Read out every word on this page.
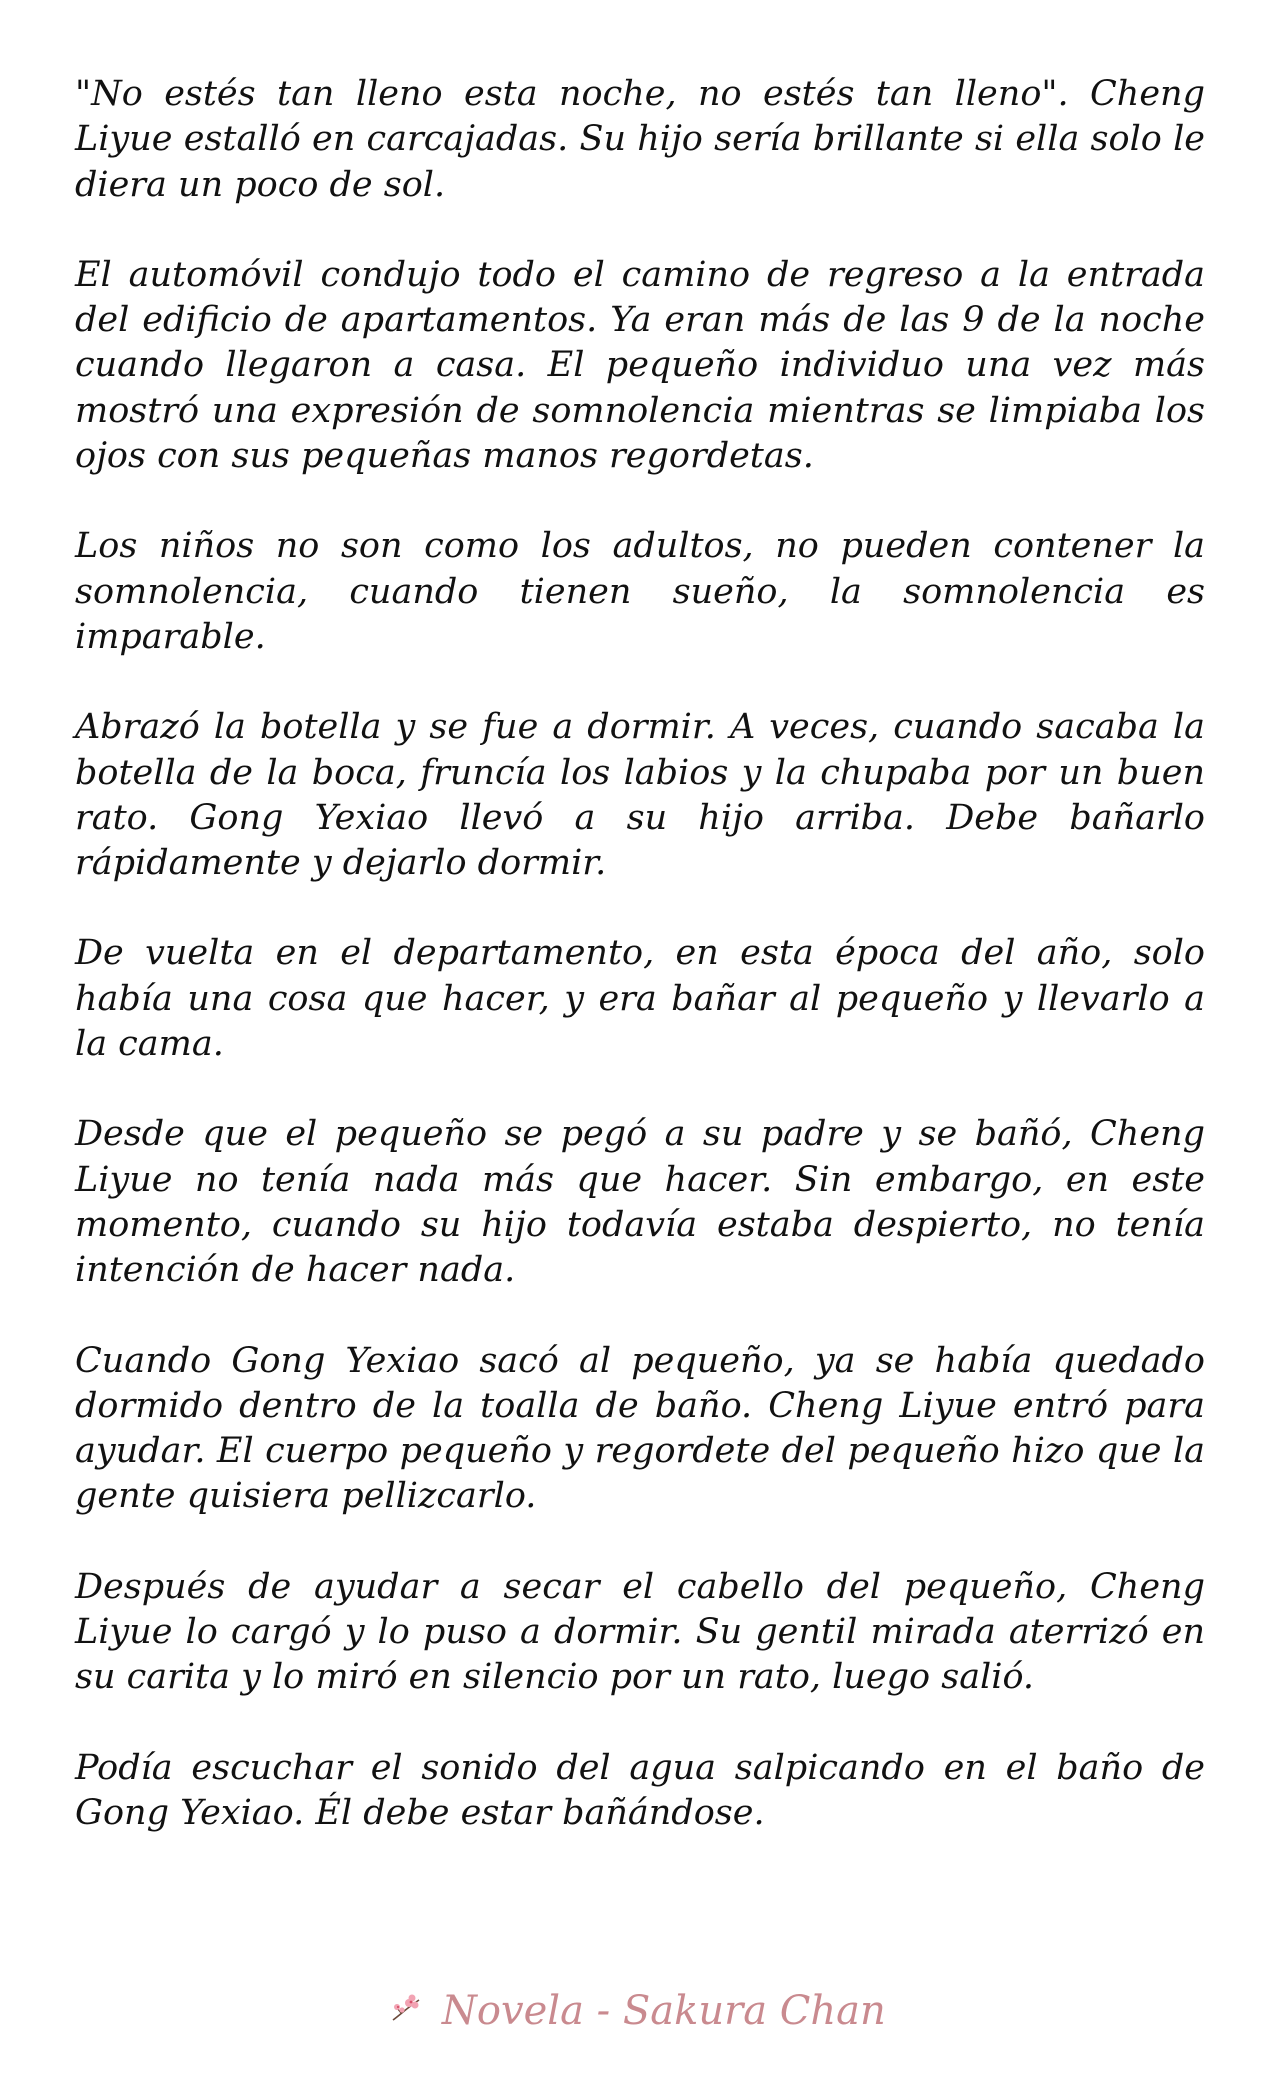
"No estés tan lleno esta noche, no estés tan lleno". Cheng Liyue estalló en carcajadas. Su hijo sería brillante si ella solo le diera un poco de sol.

El automóvil condujo todo el camino de regreso a la entrada del edificio de apartamentos. Ya eran más de las 9 de la noche cuando llegaron a casa. El pequeño individuo una vez más mostró una expresión de somnolencia mientras se limpiaba los ojos con sus pequeñas manos regordetas.

Los niños no son como los adultos, no pueden contener la somnolencia, cuando tienen sueño, la somnolencia es imparable.

Abrazó la botella y se fue a dormir. A veces, cuando sacaba la botella de la boca, fruncía los labios y la chupaba por un buen rato. Gong Yexiao llevó a su hijo arriba. Debe bañarlo rápidamente y dejarlo dormir.

De vuelta en el departamento, en esta época del año, solo había una cosa que hacer, y era bañar al pequeño y llevarlo a la cama.

Desde que el pequeño se pegó a su padre y se bañó, Cheng Liyue no tenía nada más que hacer. Sin embargo, en este momento, cuando su hijo todavía estaba despierto, no tenía intención de hacer nada.

Cuando Gong Yexiao sacó al pequeño, ya se había quedado dormido dentro de la toalla de baño. Cheng Liyue entró para ayudar. El cuerpo pequeño y regordete del pequeño hizo que la gente quisiera pellizcarlo.

Después de ayudar a secar el cabello del pequeño, Cheng Liyue lo cargó y lo puso a dormir. Su gentil mirada aterrizó en su carita y lo miró en silencio por un rato, luego salió.

Podía escuchar el sonido del agua salpicando en el baño de Gong Yexiao. Él debe estar bañándose.

Novela - Sakura Chan
